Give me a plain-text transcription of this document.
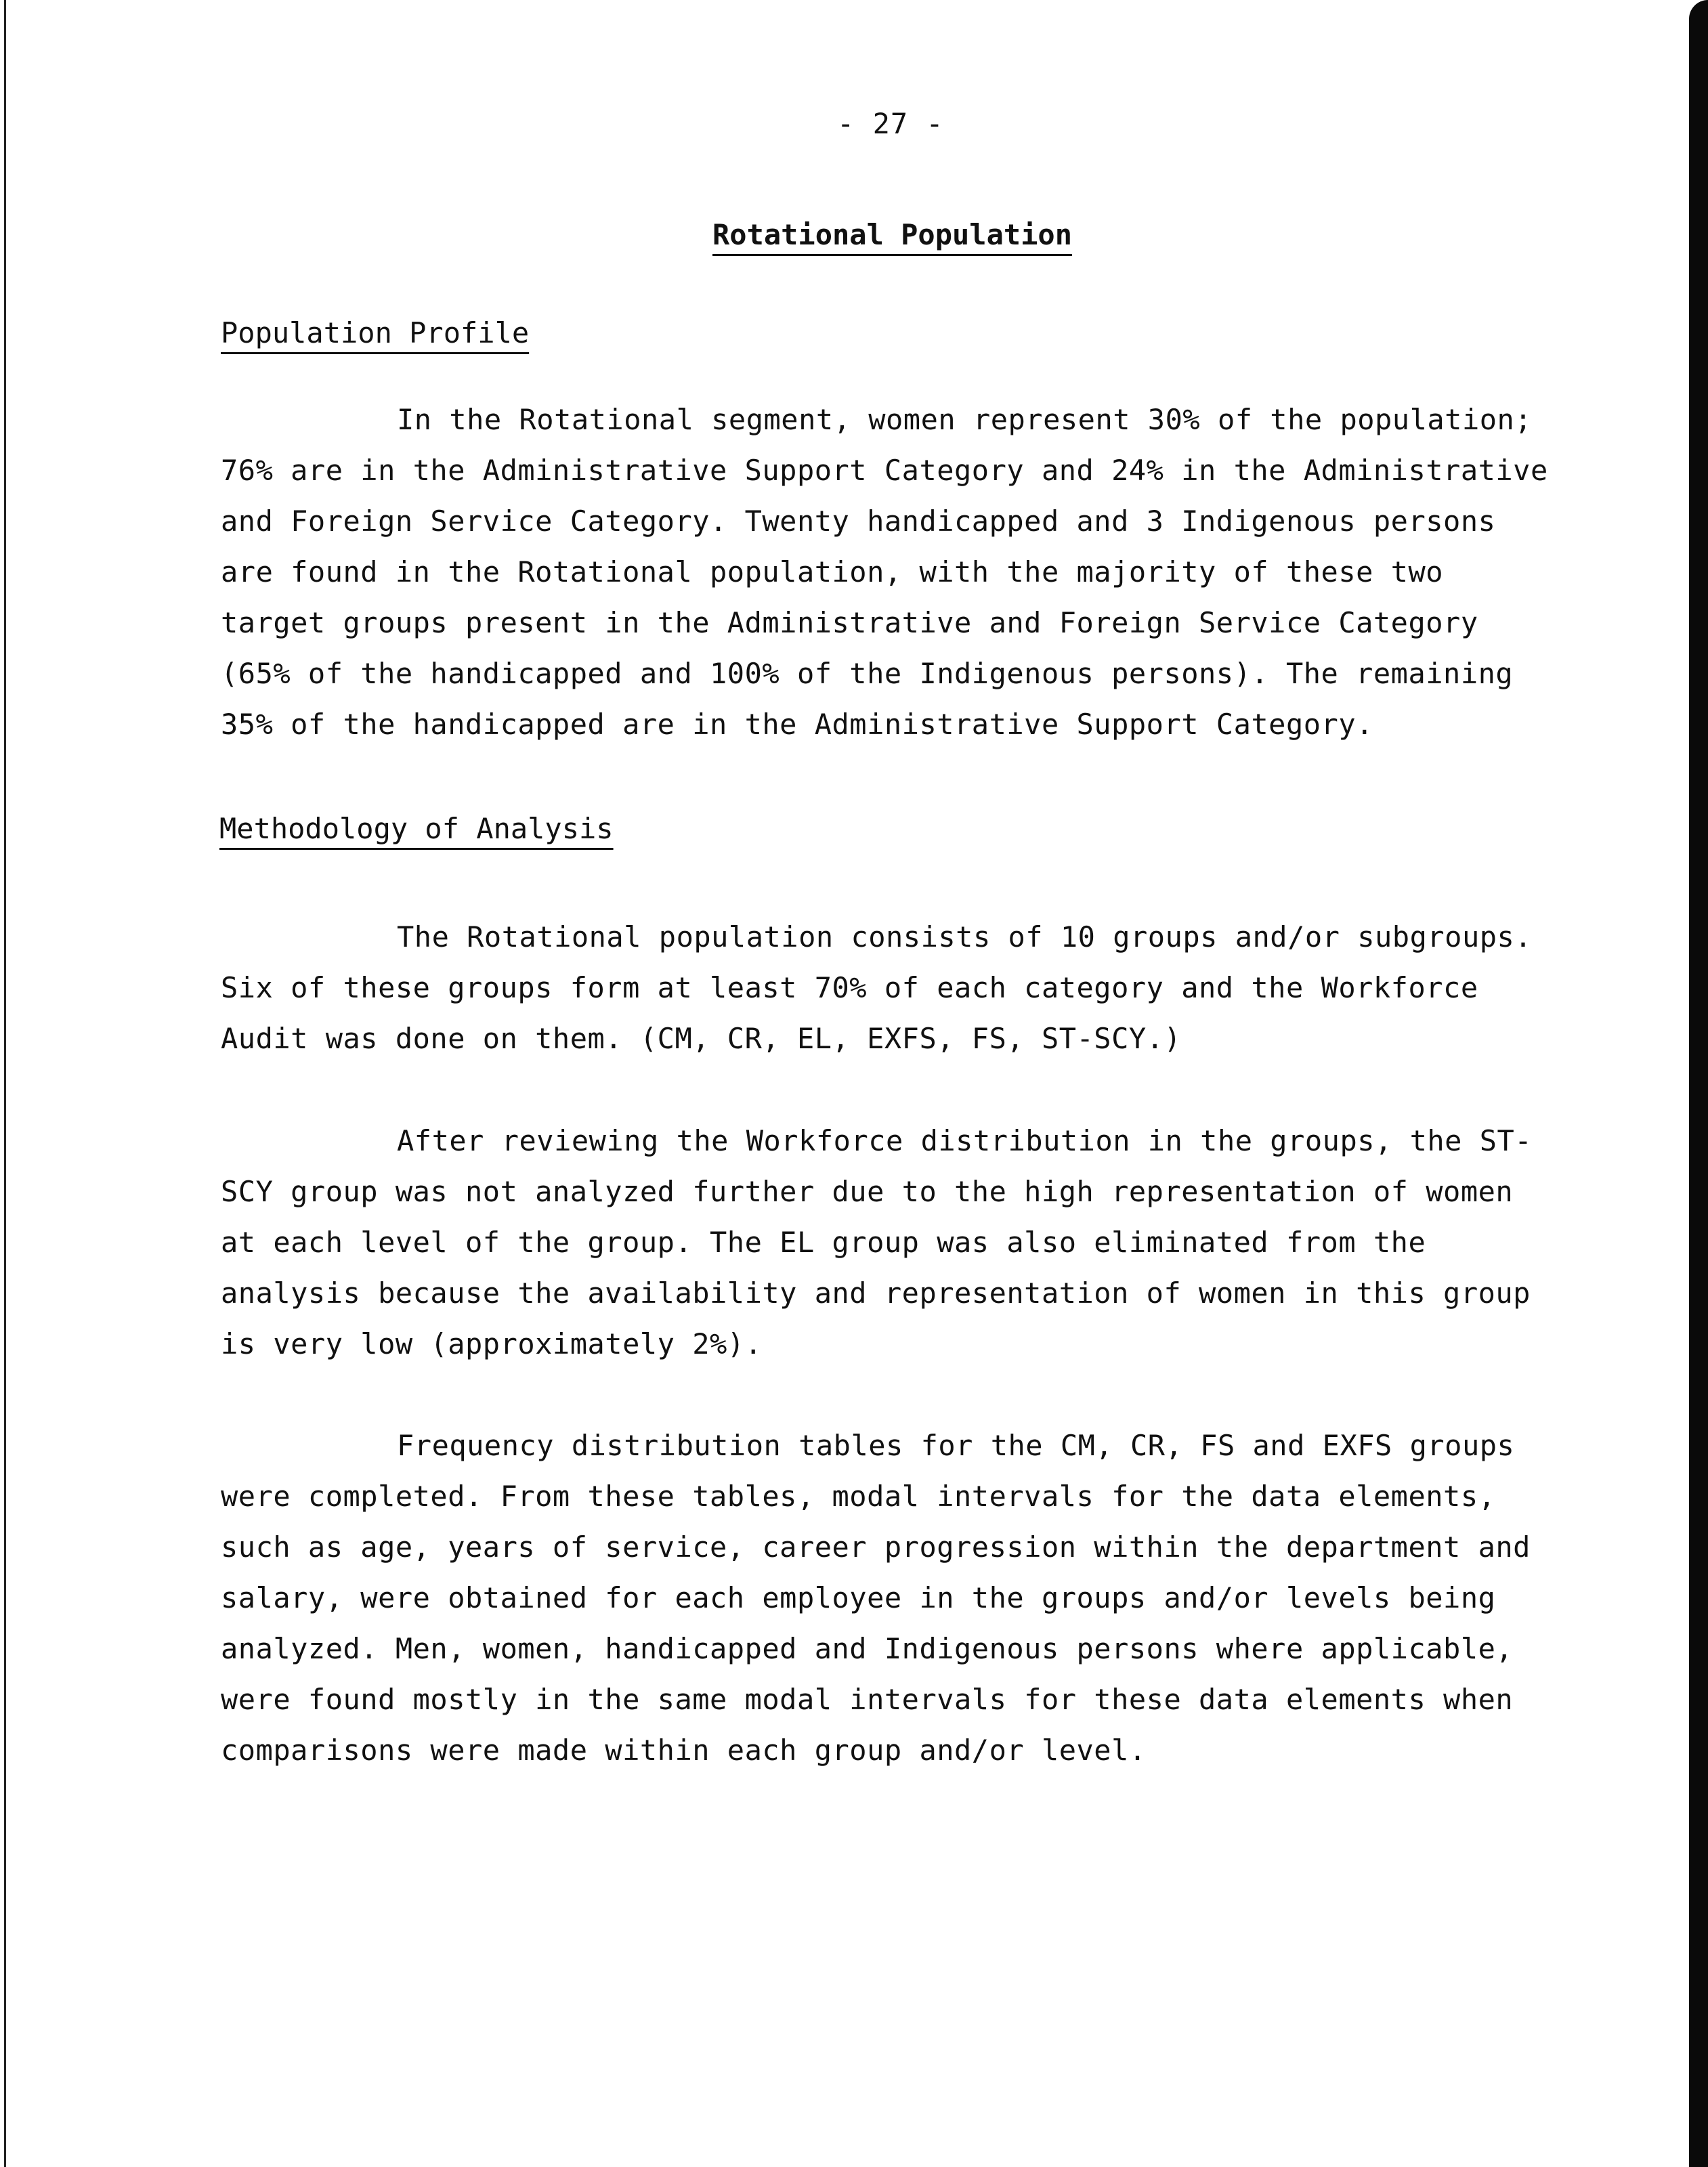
- 27 -
Rotational Population
Population Profile

In the Rotational segment, women represent 30% of the population; 76% are in the Administrative Support Category and 24% in the Administrative and Foreign Service Category. Twenty handicapped and 3 Indigenous persons are found in the Rotational population, with the majority of these two target groups present in the Administrative and Foreign Service Category (65% of the handicapped and 100% of the Indigenous persons). The remaining 35% of the handicapped are in the Administrative Support Category.

Methodology of Analysis

The Rotational population consists of 10 groups and/or subgroups. Six of these groups form at least 70% of each category and the Workforce Audit was done on them. (CM, CR, EL, EXFS, FS, ST-SCY.)

After reviewing the Workforce distribution in the groups, the ST-SCY group was not analyzed further due to the high representation of women at each level of the group. The EL group was also eliminated from the analysis because the availability and representation of women in this group is very low (approximately 2%).

Frequency distribution tables for the CM, CR, FS and EXFS groups were completed. From these tables, modal intervals for the data elements, such as age, years of service, career progression within the department and salary, were obtained for each employee in the groups and/or levels being analyzed. Men, women, handicapped and Indigenous persons where applicable, were found mostly in the same modal intervals for these data elements when comparisons were made within each group and/or level.
